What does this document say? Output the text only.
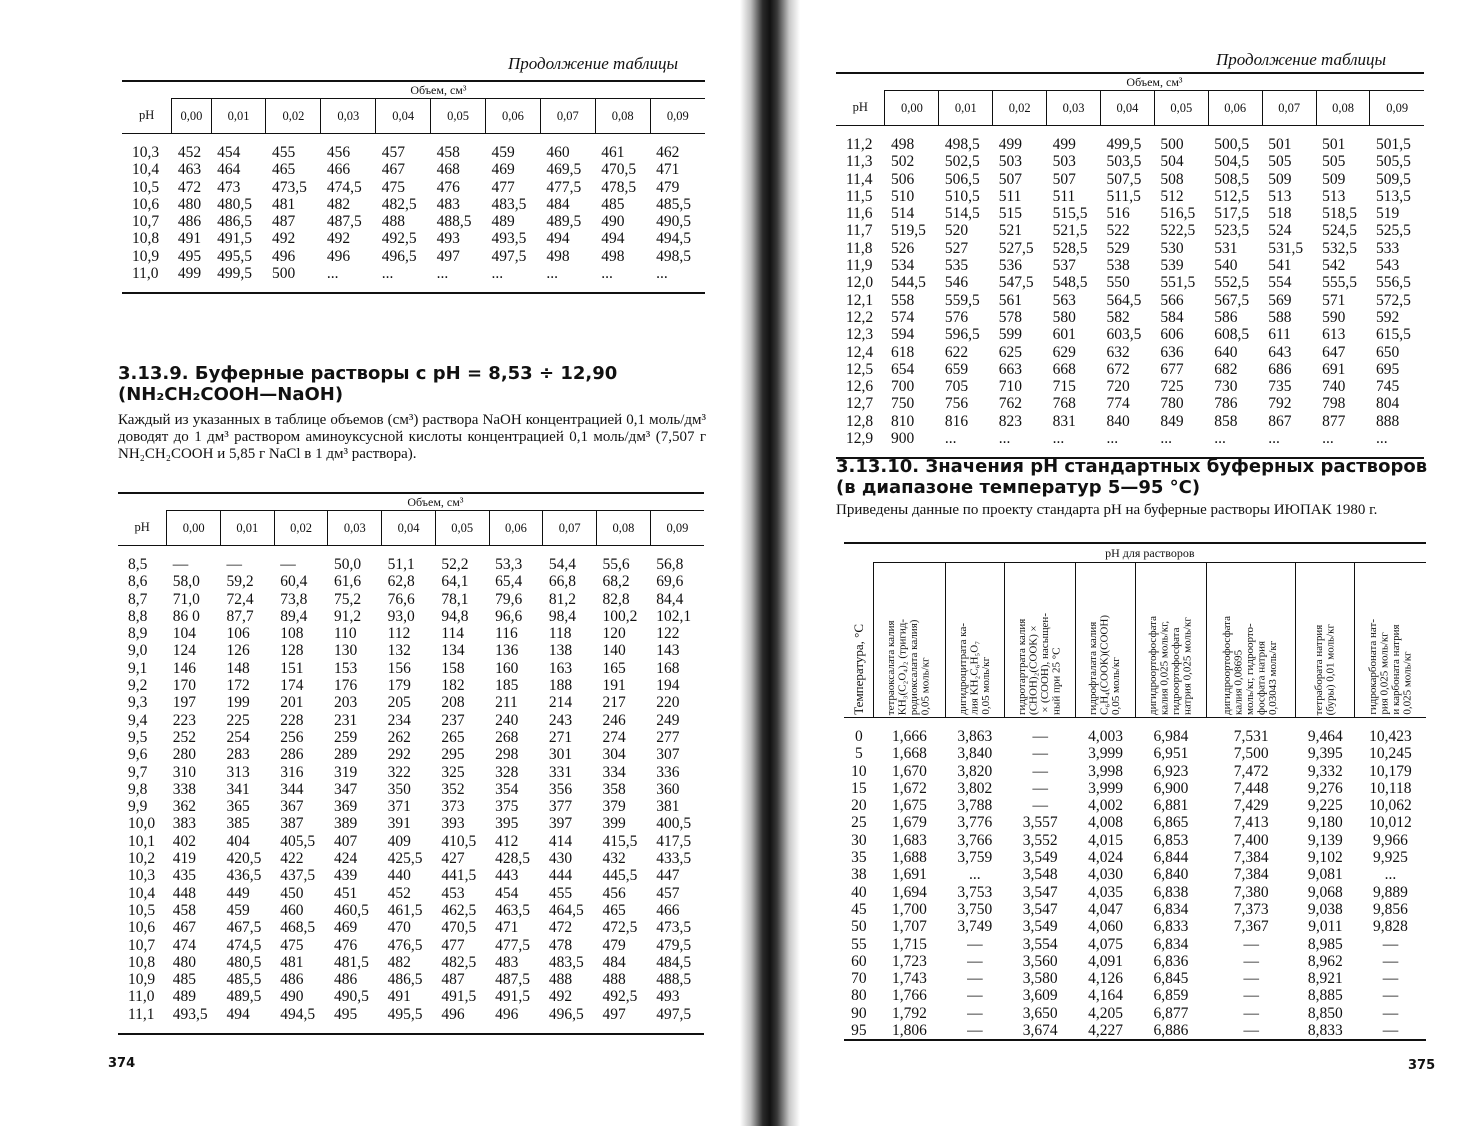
Продолжение таблицы
	Объем, см³									
pH	0,00	0,01	0,02	0,03	0,04	0,05	0,06	0,07	0,08	0,09

10,3	452	454	455	456	457	458	459	460	461	462
10,4	463	464	465	466	467	468	469	469,5	470,5	471
10,5	472	473	473,5	474,5	475	476	477	477,5	478,5	479
10,6	480	480,5	481	482	482,5	483	483,5	484	485	485,5
10,7	486	486,5	487	487,5	488	488,5	489	489,5	490	490,5
10,8	491	491,5	492	492	492,5	493	493,5	494	494	494,5
10,9	495	495,5	496	496	496,5	497	497,5	498	498	498,5
11,0	499	499,5	500	...	...	...	...	...	...	...

3.13.9. Буферные растворы с pH = 8,53 ÷ 12,90
(NH₂CH₂COOH—NaOH)
Каждый из указанных в таблице объемов (см³) раствора NaOH концентрацией 0,1 моль/дм³ доводят до 1 дм³ раствором аминоуксусной кислоты концентрацией 0,1 моль/дм³ (7,507 г NH₂CH₂COOH и 5,85 г NaCl в 1 дм³ раствора).
	Объем, см³									
pH	0,00	0,01	0,02	0,03	0,04	0,05	0,06	0,07	0,08	0,09

8,5	—	—	—	50,0	51,1	52,2	53,3	54,4	55,6	56,8
8,6	58,0	59,2	60,4	61,6	62,8	64,1	65,4	66,8	68,2	69,6
8,7	71,0	72,4	73,8	75,2	76,6	78,1	79,6	81,2	82,8	84,4
8,8	86 0	87,7	89,4	91,2	93,0	94,8	96,6	98,4	100,2	102,1
8,9	104	106	108	110	112	114	116	118	120	122
9,0	124	126	128	130	132	134	136	138	140	143
9,1	146	148	151	153	156	158	160	163	165	168
9,2	170	172	174	176	179	182	185	188	191	194
9,3	197	199	201	203	205	208	211	214	217	220
9,4	223	225	228	231	234	237	240	243	246	249
9,5	252	254	256	259	262	265	268	271	274	277
9,6	280	283	286	289	292	295	298	301	304	307
9,7	310	313	316	319	322	325	328	331	334	336
9,8	338	341	344	347	350	352	354	356	358	360
9,9	362	365	367	369	371	373	375	377	379	381
10,0	383	385	387	389	391	393	395	397	399	400,5
10,1	402	404	405,5	407	409	410,5	412	414	415,5	417,5
10,2	419	420,5	422	424	425,5	427	428,5	430	432	433,5
10,3	435	436,5	437,5	439	440	441,5	443	444	445,5	447
10,4	448	449	450	451	452	453	454	455	456	457
10,5	458	459	460	460,5	461,5	462,5	463,5	464,5	465	466
10,6	467	467,5	468,5	469	470	470,5	471	472	472,5	473,5
10,7	474	474,5	475	476	476,5	477	477,5	478	479	479,5
10,8	480	480,5	481	481,5	482	482,5	483	483,5	484	484,5
10,9	485	485,5	486	486	486,5	487	487,5	488	488	488,5
11,0	489	489,5	490	490,5	491	491,5	491,5	492	492,5	493
11,1	493,5	494	494,5	495	495,5	496	496	496,5	497	497,5

374
Продолжение таблицы
	Объем, см³									
pH	0,00	0,01	0,02	0,03	0,04	0,05	0,06	0,07	0,08	0,09

11,2	498	498,5	499	499	499,5	500	500,5	501	501	501,5
11,3	502	502,5	503	503	503,5	504	504,5	505	505	505,5
11,4	506	506,5	507	507	507,5	508	508,5	509	509	509,5
11,5	510	510,5	511	511	511,5	512	512,5	513	513	513,5
11,6	514	514,5	515	515,5	516	516,5	517,5	518	518,5	519
11,7	519,5	520	521	521,5	522	522,5	523,5	524	524,5	525,5
11,8	526	527	527,5	528,5	529	530	531	531,5	532,5	533
11,9	534	535	536	537	538	539	540	541	542	543
12,0	544,5	546	547,5	548,5	550	551,5	552,5	554	555,5	556,5
12,1	558	559,5	561	563	564,5	566	567,5	569	571	572,5
12,2	574	576	578	580	582	584	586	588	590	592
12,3	594	596,5	599	601	603,5	606	608,5	611	613	615,5
12,4	618	622	625	629	632	636	640	643	647	650
12,5	654	659	663	668	672	677	682	686	691	695
12,6	700	705	710	715	720	725	730	735	740	745
12,7	750	756	762	768	774	780	786	792	798	804
12,8	810	816	823	831	840	849	858	867	877	888
12,9	900	...	...	...	...	...	...	...	...	...

3.13.10. Значения pH стандартных буферных растворов
(в диапазоне температур 5—95 °C)
Приведены данные по проекту стандарта pH на буферные растворы ИЮПАК 1980 г.
	pH для растворов							

Температура, °C	тетраоксалата калия
KH₃(C₂O₄)₂ (тригид-
родиоксалата калия)
0,05 моль/кг	дигидроцитрата ка-
лия KH₂C₆H₅O₇
0,05 моль/кг	гидротартрата калия
(CHOH)₂(COOK)×
×(COOH), насыщен-
ный при 25 °C	гидрофталата калия
C₆H₄(COOK)(COOH)
0,05 моль/кг	дигидроортофосфата
калия 0,025 моль/кг,
гидроортофосфата
натрия 0,025 моль/кг	дигидроортофосфата
калия 0,08695
моль/кг, гидроорто-
фосфата натрия
0,03043 моль/кг	тетрабората натрия
(буры) 0,01 моль/кг	гидрокарбоната нат-
рия 0,025 моль/кг
и карбоната натрия
0,025 моль/кг

0	1,666	3,863	—	4,003	6,984	7,531	9,464	10,423
5	1,668	3,840	—	3,999	6,951	7,500	9,395	10,245
10	1,670	3,820	—	3,998	6,923	7,472	9,332	10,179
15	1,672	3,802	—	3,999	6,900	7,448	9,276	10,118
20	1,675	3,788	—	4,002	6,881	7,429	9,225	10,062
25	1,679	3,776	3,557	4,008	6,865	7,413	9,180	10,012
30	1,683	3,766	3,552	4,015	6,853	7,400	9,139	9,966
35	1,688	3,759	3,549	4,024	6,844	7,384	9,102	9,925
38	1,691	...	3,548	4,030	6,840	7,384	9,081	...
40	1,694	3,753	3,547	4,035	6,838	7,380	9,068	9,889
45	1,700	3,750	3,547	4,047	6,834	7,373	9,038	9,856
50	1,707	3,749	3,549	4,060	6,833	7,367	9,011	9,828
55	1,715	—	3,554	4,075	6,834	—	8,985	—
60	1,723	—	3,560	4,091	6,836	—	8,962	—
70	1,743	—	3,580	4,126	6,845	—	8,921	—
80	1,766	—	3,609	4,164	6,859	—	8,885	—
90	1,792	—	3,650	4,205	6,877	—	8,850	—
95	1,806	—	3,674	4,227	6,886	—	8,833	—
375
